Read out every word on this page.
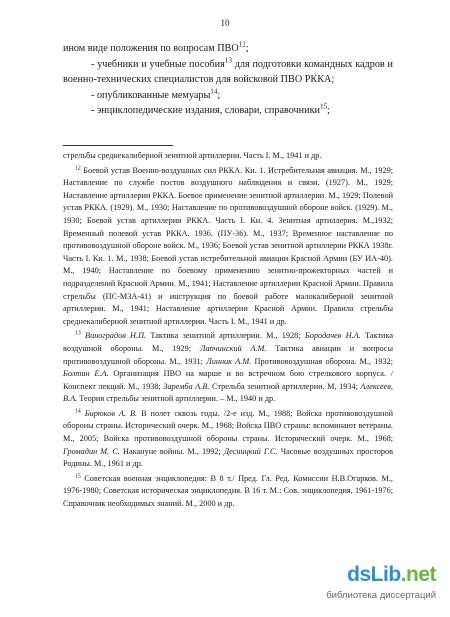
10

ином виде положения по вопросам ПВО$^{12}$;

- учебники и учебные пособия$^{13}$ для подготовки командных кадров и военно-технических специалистов для войсковой ПВО РККА;

- опубликованные мемуары$^{14}$;

- энциклопедические издания, словари, справочники$^{15}$;

стрельбы среднекалиберной зенитной артиллерии. Часть I. М., 1941 и др.

$^{12}$ Боевой устав Военно-воздушных сил РККА. Кн. 1. Истребительная авиация. М., 1929; Наставление по службе постов воздушного наблюдения и связи. (1927). М., 1929; Наставление артиллерии РККА. Боевое применение зенитной артиллерии. М., 1929; Полевой устав РККА. (1929). М., 1930; Наставление по противовоздушной обороне войск. (1929). М., 1930; Боевой устав артиллерии РККА. Часть I. Кн. 4. Зенитная артиллерия. М.,1932; Временный полевой устав РККА. 1936. (ПУ-36). М., 1937; Временное наставление по противовоздушной обороне войск. М., 1936; Боевой устав зенитной артиллерии РККА 1938г. Часть I. Кн. 1. М., 1938; Боевой устав истребительной авиации Красной Армии (БУ ИА-40). М., 1940; Наставление по боевому применению зенитно-прожекторных частей и подразделений Красной Армии. М., 1941; Наставление артиллерии Красной Армии. Правила стрельбы (ПС-МЗА-41) и инструкция по боевой работе малокалиберной зенитной артиллерии. М., 1941; Наставление артиллерии Красной Армии. Правила стрельбы среднекалиберной зенитной артиллерии. Часть I. М., 1941 и др.

$^{13}$ Виноградов Н.П. Тактика зенитной артиллерии. М., 1928; Бородачев Н.А. Тактика воздушной обороны. М., 1929; Лапчинский А.М. Тактика авиации и вопросы противовоздушной обороны. М., 1931; Линник А.М. Противовоздушная оборона. М., 1932; Болтин Е.А. Организация ПВО на марше и во встречном бою стрелкового корпуса. /Конспект лекций. М., 1938; Заремба А.В. Стрельба зенитной артиллерии. М, 1934; Алексеев, В.А. Теория стрельбы зенитной артиллерии. – М., 1940 и др.

$^{14}$ Бирюков А. В. В полет сквозь годы. /2-е изд. М., 1988; Войска противовоздушной обороны страны. Исторический очерк. М., 1968; Войска ПВО страны: вспоминают ветераны. М., 2005; Войска противовоздушной обороны страны. Исторический очерк. М., 1968; Громадин М. С. Накануне войны. М., 1992; Десницкий Г.С. Часовые воздушных просторов Родины. М., 1961 и др.

$^{15}$ Советская военная энциклопедия: В 8 т./ Пред. Гл. Ред. Комиссии Н.В.Огарков. М., 1976-1980; Советская историческая энциклопедия. В 16 т. М.: Сов. энциклопедия, 1961-1976; Справочник необходимых знаний. М., 2000 и др.

dsLib.net
библиотека диссертаций
